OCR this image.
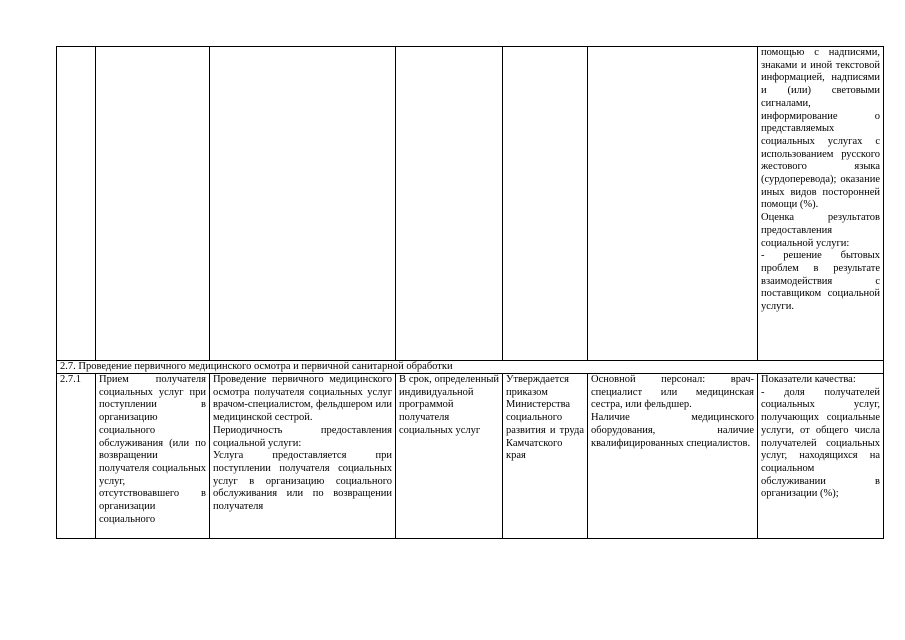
						помощью с надписями, знаками и иной текстовой информацией, надписями и (или) световыми сигналами, информирование о представляемых социальных услугах с использованием русского жестового языка (сурдоперевода); оказание иных видов посторонней помощи (%).
Оценка результатов предоставления социальной услуги:
- решение бытовых проблем в результате взаимодействия с поставщиком социальной услуги.
2.7. Проведение первичного медицинского осмотра и первичной санитарной обработки						
2.7.1	Прием получателя социальных услуг при поступлении в организацию социального обслуживания (или по возвращении получателя социальных услуг, отсутствовавшего в организации социального	Проведение первичного медицинского осмотра получателя социальных услуг врачом-специалистом, фельдшером или медицинской сестрой.
Периодичность предоставления социальной услуги:
Услуга предоставляется при поступлении получателя социальных услуг в организацию социального обслуживания или по возвращении получателя	В срок, определенный индивидуальной программой получателя социальных услуг	Утверждается приказом Министерства социального развития и труда Камчатского края	Основной персонал: врач-специалист или медицинская сестра, или фельдшер.
Наличие медицинского оборудования, наличие квалифицированных специалистов.	Показатели качества:
- доля получателей социальных услуг, получающих социальные услуги, от общего числа получателей социальных услуг, находящихся на социальном обслуживании в организации (%);
